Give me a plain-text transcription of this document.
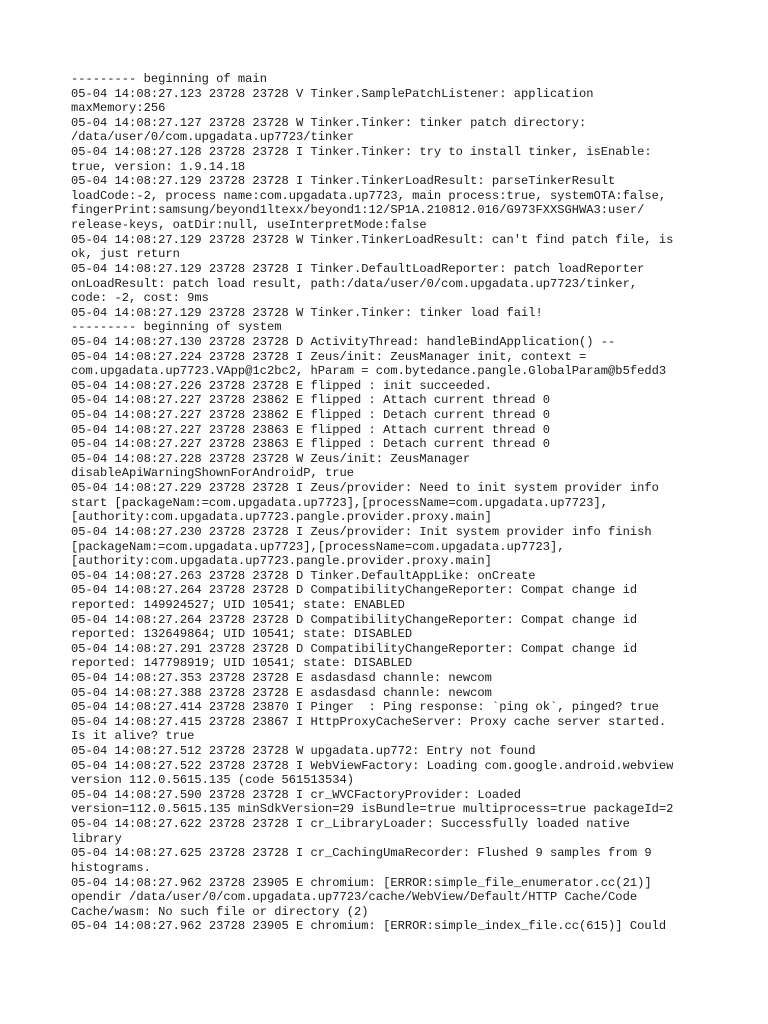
--------- beginning of main
05-04 14:08:27.123 23728 23728 V Tinker.SamplePatchListener: application
maxMemory:256
05-04 14:08:27.127 23728 23728 W Tinker.Tinker: tinker patch directory:
/data/user/0/com.upgadata.up7723/tinker
05-04 14:08:27.128 23728 23728 I Tinker.Tinker: try to install tinker, isEnable:
true, version: 1.9.14.18
05-04 14:08:27.129 23728 23728 I Tinker.TinkerLoadResult: parseTinkerResult
loadCode:-2, process name:com.upgadata.up7723, main process:true, systemOTA:false,
fingerPrint:samsung/beyond1ltexx/beyond1:12/SP1A.210812.016/G973FXXSGHWA3:user/
release-keys, oatDir:null, useInterpretMode:false
05-04 14:08:27.129 23728 23728 W Tinker.TinkerLoadResult: can't find patch file, is
ok, just return
05-04 14:08:27.129 23728 23728 I Tinker.DefaultLoadReporter: patch loadReporter
onLoadResult: patch load result, path:/data/user/0/com.upgadata.up7723/tinker,
code: -2, cost: 9ms
05-04 14:08:27.129 23728 23728 W Tinker.Tinker: tinker load fail!
--------- beginning of system
05-04 14:08:27.130 23728 23728 D ActivityThread: handleBindApplication() --
05-04 14:08:27.224 23728 23728 I Zeus/init: ZeusManager init, context =
com.upgadata.up7723.VApp@1c2bc2, hParam = com.bytedance.pangle.GlobalParam@b5fedd3
05-04 14:08:27.226 23728 23728 E flipped : init succeeded.
05-04 14:08:27.227 23728 23862 E flipped : Attach current thread 0
05-04 14:08:27.227 23728 23862 E flipped : Detach current thread 0
05-04 14:08:27.227 23728 23863 E flipped : Attach current thread 0
05-04 14:08:27.227 23728 23863 E flipped : Detach current thread 0
05-04 14:08:27.228 23728 23728 W Zeus/init: ZeusManager
disableApiWarningShownForAndroidP, true
05-04 14:08:27.229 23728 23728 I Zeus/provider: Need to init system provider info
start [packageNam:=com.upgadata.up7723],[processName=com.upgadata.up7723],
[authority:com.upgadata.up7723.pangle.provider.proxy.main]
05-04 14:08:27.230 23728 23728 I Zeus/provider: Init system provider info finish
[packageNam:=com.upgadata.up7723],[processName=com.upgadata.up7723],
[authority:com.upgadata.up7723.pangle.provider.proxy.main]
05-04 14:08:27.263 23728 23728 D Tinker.DefaultAppLike: onCreate
05-04 14:08:27.264 23728 23728 D CompatibilityChangeReporter: Compat change id
reported: 149924527; UID 10541; state: ENABLED
05-04 14:08:27.264 23728 23728 D CompatibilityChangeReporter: Compat change id
reported: 132649864; UID 10541; state: DISABLED
05-04 14:08:27.291 23728 23728 D CompatibilityChangeReporter: Compat change id
reported: 147798919; UID 10541; state: DISABLED
05-04 14:08:27.353 23728 23728 E asdasdasd channle: newcom
05-04 14:08:27.388 23728 23728 E asdasdasd channle: newcom
05-04 14:08:27.414 23728 23870 I Pinger  : Ping response: `ping ok`, pinged? true
05-04 14:08:27.415 23728 23867 I HttpProxyCacheServer: Proxy cache server started.
Is it alive? true
05-04 14:08:27.512 23728 23728 W upgadata.up772: Entry not found
05-04 14:08:27.522 23728 23728 I WebViewFactory: Loading com.google.android.webview
version 112.0.5615.135 (code 561513534)
05-04 14:08:27.590 23728 23728 I cr_WVCFactoryProvider: Loaded
version=112.0.5615.135 minSdkVersion=29 isBundle=true multiprocess=true packageId=2
05-04 14:08:27.622 23728 23728 I cr_LibraryLoader: Successfully loaded native
library
05-04 14:08:27.625 23728 23728 I cr_CachingUmaRecorder: Flushed 9 samples from 9
histograms.
05-04 14:08:27.962 23728 23905 E chromium: [ERROR:simple_file_enumerator.cc(21)]
opendir /data/user/0/com.upgadata.up7723/cache/WebView/Default/HTTP Cache/Code
Cache/wasm: No such file or directory (2)
05-04 14:08:27.962 23728 23905 E chromium: [ERROR:simple_index_file.cc(615)] Could
